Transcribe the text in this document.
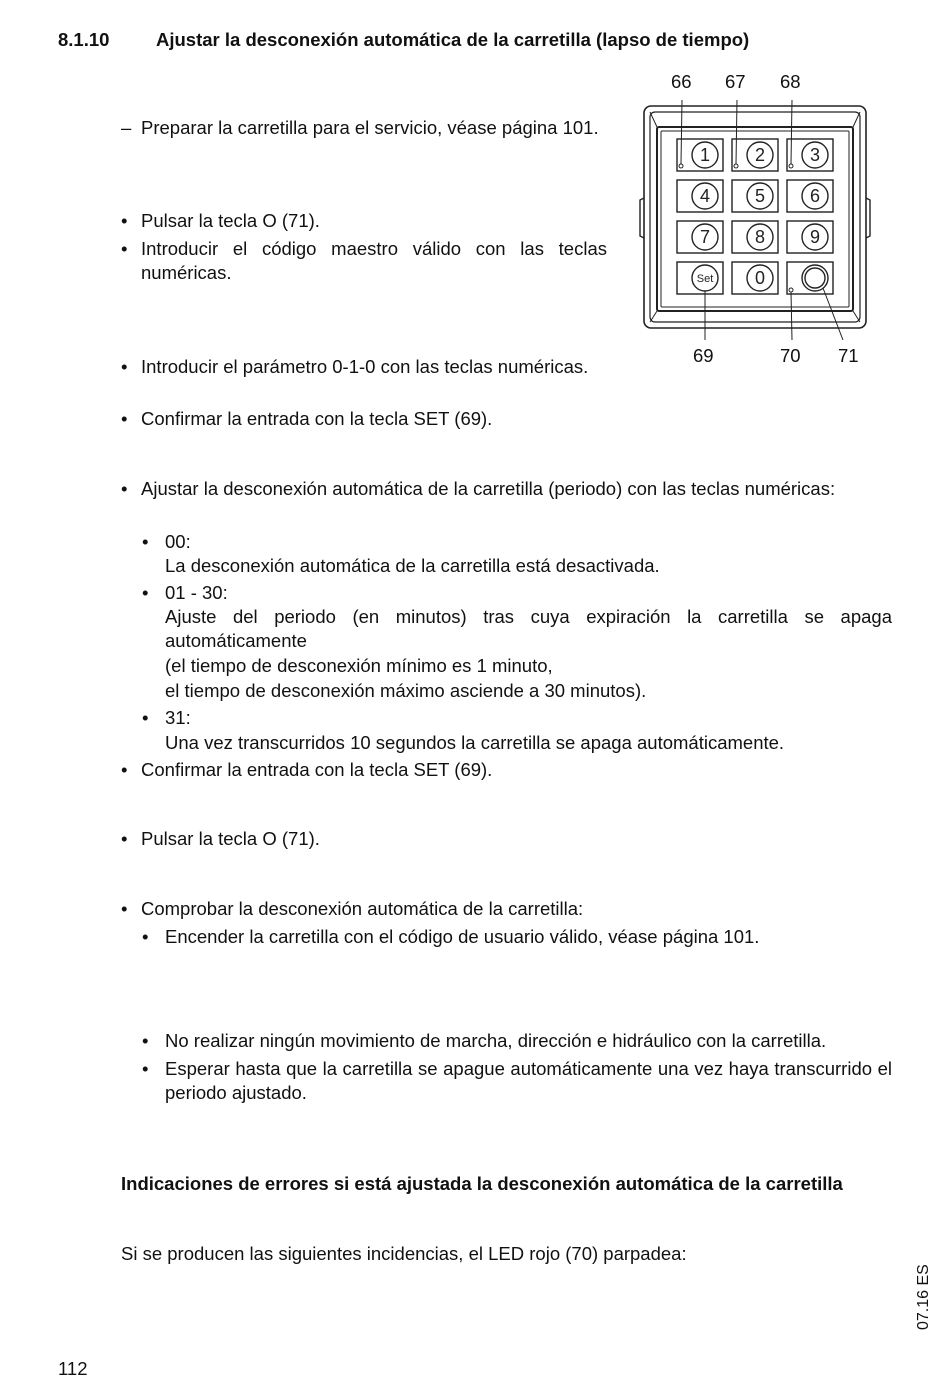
8.1.10	Ajustar la desconexión automática de la carretilla (lapso de tiempo)
66 67 68
69	70 71
1 2 3
4 5 6
7 8 9
Set 0
– Preparar la carretilla para el servicio, véase página 101.
• Pulsar la tecla O (71).
• Introducir el código maestro válido con las teclas numéricas.
• Introducir el parámetro 0-1-0 con las teclas numéricas.
• Confirmar la entrada con la tecla SET (69).
• Ajustar la desconexión automática de la carretilla (periodo) con las teclas numéricas:
• 00:
La desconexión automática de la carretilla está desactivada.
• 01 - 30:
Ajuste del periodo (en minutos) tras cuya expiración la carretilla se apaga automáticamente
(el tiempo de desconexión mínimo es 1 minuto,
el tiempo de desconexión máximo asciende a 30 minutos).
• 31:
Una vez transcurridos 10 segundos la carretilla se apaga automáticamente.
• Confirmar la entrada con la tecla SET (69).
• Pulsar la tecla O (71).
• Comprobar la desconexión automática de la carretilla:
• Encender la carretilla con el código de usuario válido, véase página 101.
• No realizar ningún movimiento de marcha, dirección e hidráulico con la carretilla.
• Esperar hasta que la carretilla se apague automáticamente una vez haya transcurrido el periodo ajustado.
Indicaciones de errores si está ajustada la desconexión automática de la carretilla
Si se producen las siguientes incidencias, el LED rojo (70) parpadea:
07.16 ES
112
